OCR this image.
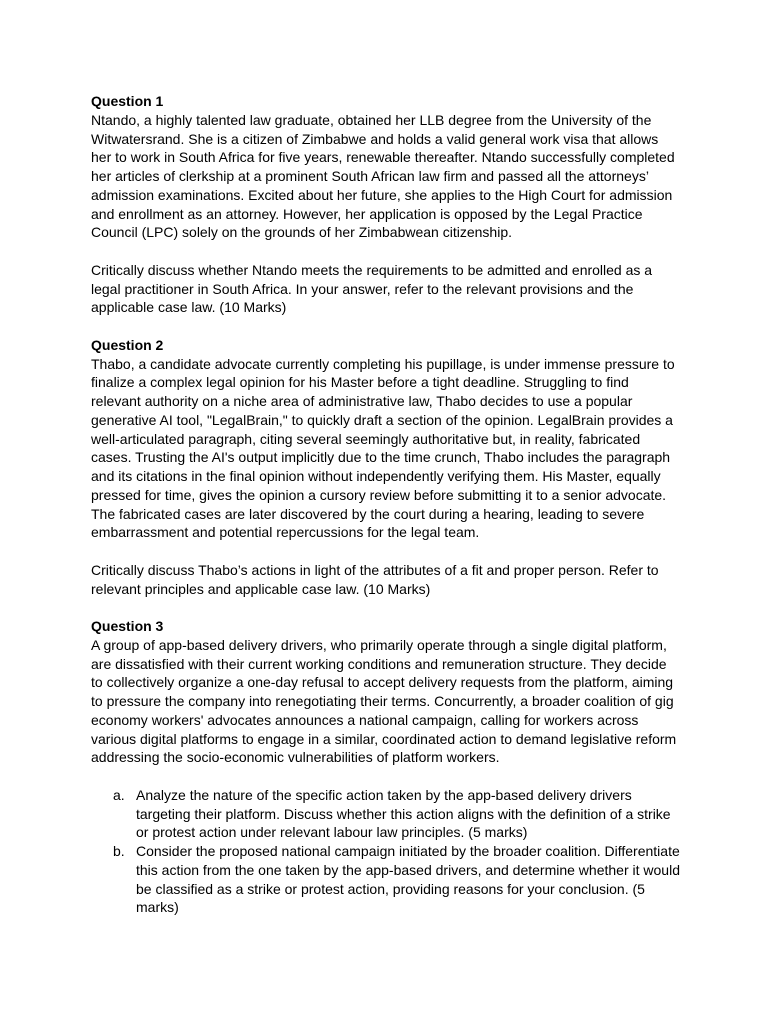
Question 1

Ntando, a highly talented law graduate, obtained her LLB degree from the University of the Witwatersrand. She is a citizen of Zimbabwe and holds a valid general work visa that allows her to work in South Africa for five years, renewable thereafter. Ntando successfully completed her articles of clerkship at a prominent South African law firm and passed all the attorneys’ admission examinations. Excited about her future, she applies to the High Court for admission and enrollment as an attorney. However, her application is opposed by the Legal Practice Council (LPC) solely on the grounds of her Zimbabwean citizenship.

Critically discuss whether Ntando meets the requirements to be admitted and enrolled as a legal practitioner in South Africa. In your answer, refer to the relevant provisions and the applicable case law. (10 Marks)

Question 2

Thabo, a candidate advocate currently completing his pupillage, is under immense pressure to finalize a complex legal opinion for his Master before a tight deadline. Struggling to find relevant authority on a niche area of administrative law, Thabo decides to use a popular generative AI tool, "LegalBrain," to quickly draft a section of the opinion. LegalBrain provides a well-articulated paragraph, citing several seemingly authoritative but, in reality, fabricated cases. Trusting the AI's output implicitly due to the time crunch, Thabo includes the paragraph and its citations in the final opinion without independently verifying them. His Master, equally pressed for time, gives the opinion a cursory review before submitting it to a senior advocate. The fabricated cases are later discovered by the court during a hearing, leading to severe embarrassment and potential repercussions for the legal team.

Critically discuss Thabo’s actions in light of the attributes of a fit and proper person. Refer to relevant principles and applicable case law. (10 Marks)

Question 3

A group of app-based delivery drivers, who primarily operate through a single digital platform, are dissatisfied with their current working conditions and remuneration structure. They decide to collectively organize a one-day refusal to accept delivery requests from the platform, aiming to pressure the company into renegotiating their terms. Concurrently, a broader coalition of gig economy workers' advocates announces a national campaign, calling for workers across various digital platforms to engage in a similar, coordinated action to demand legislative reform addressing the socio-economic vulnerabilities of platform workers.

a. Analyze the nature of the specific action taken by the app-based delivery drivers targeting their platform. Discuss whether this action aligns with the definition of a strike or protest action under relevant labour law principles. (5 marks)
b. Consider the proposed national campaign initiated by the broader coalition. Differentiate this action from the one taken by the app-based drivers, and determine whether it would be classified as a strike or protest action, providing reasons for your conclusion. (5 marks)
